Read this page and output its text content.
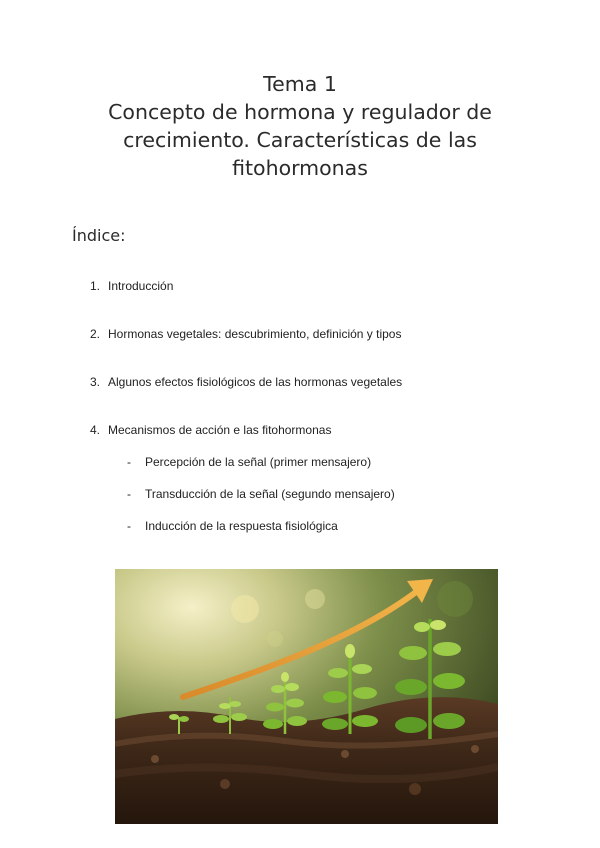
Tema 1
Concepto de hormona y regulador de
crecimiento. Características de las
fitohormonas
Índice:
1. Introducción
2. Hormonas vegetales: descubrimiento, definición y tipos
3. Algunos efectos fisiológicos de las hormonas vegetales
4. Mecanismos de acción e las fitohormonas
- Percepción de la señal (primer mensajero)
- Transducción de la señal (segundo mensajero)
- Inducción de la respuesta fisiológica
